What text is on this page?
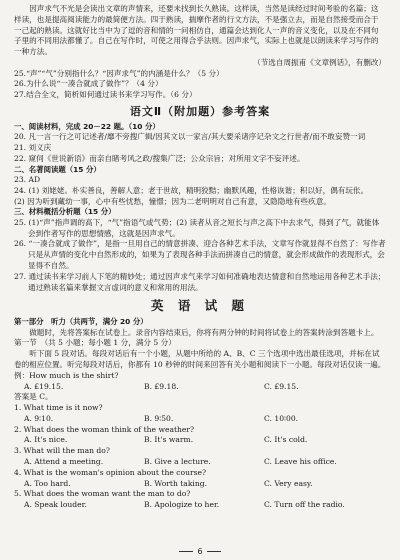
因声求气不光是会读出文章的声情来，还要未找到长久熟读。这样读，当然是读经过时间考验的名篇；这样读，也是提高阅读能力的最简便方法。四于熟读，揣摩作者的行文方法，不是强立去，而是自然接受而合于一己起的熟读。这就好比当中为了逗的音和情的一问相仿自，通篇会达到化人一声的音义变化，以及在不同句子里的不同用法都懂了。自己在写作时，可使之用得合乎法则。因声求气，实际上也就是以朗读来学习写作的一种方法。

（节选自周振甫《文章例话》，有删改）

25.“声”“气”分别指什么？“因声求气”的内涵是什么？（5 分）

26.为什么说“一凑合就成了做作”？（4 分）

27.结合全文，简析如何通过读书来学习写作。（6 分）

语文Ⅱ（附加题）参考答案

一、阅读材料，完成 20－22 题。（10 分）

20. 凡一言一行之可记述者/靡不旁搜广辑/因其文以一家言/其大要采诸序记杂文之行世者/而不敢妄赞一词

21. 刘义庆

22. 窥伺《世说新语》而亲自睹考风之政/搜集广泛；公众宗旨；对所用文字不妄评述。

二、名著阅读题（15 分）

23. AD

24. (1) 刘姥姥。朴实善良，善解人意；老于世故，精明狡黠；幽默风趣，性格诙谐；积以好，偶有玩伥。

(2) 因为听到藏幼一事，心中有些忧愁，憧憬；因为二老明明对自己有意，又隐隐地有些疚意。

三、材料概括分析题（15 分）

25. (1)“声”指声调的高下，“气”指语气或气势；(2) 读者从音之短长与声之高下中去求气，得到了气，就能体会到作者写作的思想情感，这就是因声求气。

26. “一凑合就成了做作”，是指一旦用自己的情意拼凑、迎合各种艺术手法，文章写作就显得不自然了：写作者只是从声情的变化中自然形成的，如果为了表现各种手法而拼凑自己的情意，就会形成做作的表现形式，会显得不自然。

27. 通过读书来学习前人下笔的精妙处；通过因声求气来学习如何准确地表达情意和自然地运用各种艺术手法；通过熟读名篇来掌握文言虚词的意义和常用的用法。

英 语 试 题

第一部分　听力（共两节，满分 20 分）

做题时，先将答案标在试卷上。录音内容结束后，你将有两分钟的时间将试卷上的答案转涂到答题卡上。

第一节　（共 5 小题；每小题 1 分，满分 5 分）

听下面 5 段对话。每段对话后有一个小题，从题中所给的 A、B、C 三个选项中选出最佳选项，并标在试卷的相应位置。听完每段对话后，你都有 10 秒钟的时间来回答有关小题和阅读下一小题。每段对话仅读一遍。

例：How much is the shirt?

A. £19.15.	B. £9.18.	C. £9.15.

答案是 C。

1. What time is it now?

A. 9∶10.	B. 9∶50.	C. 10∶00.

2. What does the woman think of the weather?

A. It's nice.	B. It's warm.	C. It's cold.

3. What will the man do?

A. Attend a meeting.	B. Give a lecture.	C. Leave his office.

4. What is the woman's opinion about the course?

A. Too hard.	B. Worth taking.	C. Very easy.

5. What does the woman want the man to do?

A. Speak louder.	B. Apologize to her.	C. Turn off the radio.
6
